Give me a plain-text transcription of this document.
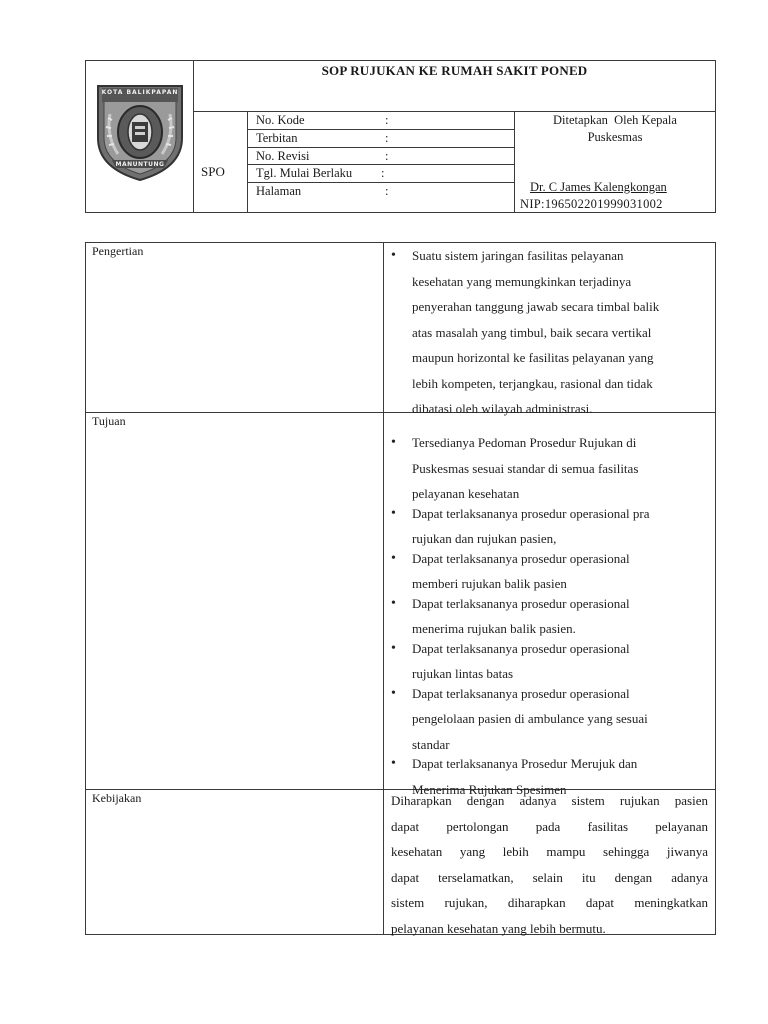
KOTA BALIKPAPAN
MANUNTUNG
SOP RUJUKAN KE RUMAH SAKIT PONED
SPO
No. Kode	:
Terbitan	:
No. Revisi	:
Tgl. Mulai Berlaku :
Halaman	:
Ditetapkan  Oleh Kepala
Puskesmas
Dr. C James Kalengkongan
NIP:196502201999031002
Pengertian	• Suatu sistem jaringan fasilitas pelayanan
kesehatan yang memungkinkan terjadinya
penyerahan tanggung jawab secara timbal balik
atas masalah yang timbul, baik secara vertikal
maupun horizontal ke fasilitas pelayanan yang
lebih kompeten, terjangkau, rasional dan tidak
dibatasi oleh wilayah administrasi.
Tujuan
• Tersedianya Pedoman Prosedur Rujukan di
Puskesmas sesuai standar di semua fasilitas
pelayanan kesehatan
• Dapat terlaksananya prosedur operasional pra
rujukan dan rujukan pasien,
• Dapat terlaksananya prosedur operasional
memberi rujukan balik pasien
• Dapat terlaksananya prosedur operasional
menerima rujukan balik pasien.
• Dapat terlaksananya prosedur operasional
rujukan lintas batas
• Dapat terlaksananya prosedur operasional
pengelolaan pasien di ambulance yang sesuai
standar
• Dapat terlaksananya Prosedur Merujuk dan
Menerima Rujukan Spesimen
Kebijakan	Diharapkan dengan adanya sistem rujukan pasien
dapat pertolongan pada fasilitas pelayanan
kesehatan yang lebih mampu sehingga jiwanya
dapat terselamatkan, selain itu dengan adanya
sistem rujukan, diharapkan dapat meningkatkan
pelayanan kesehatan yang lebih bermutu.
